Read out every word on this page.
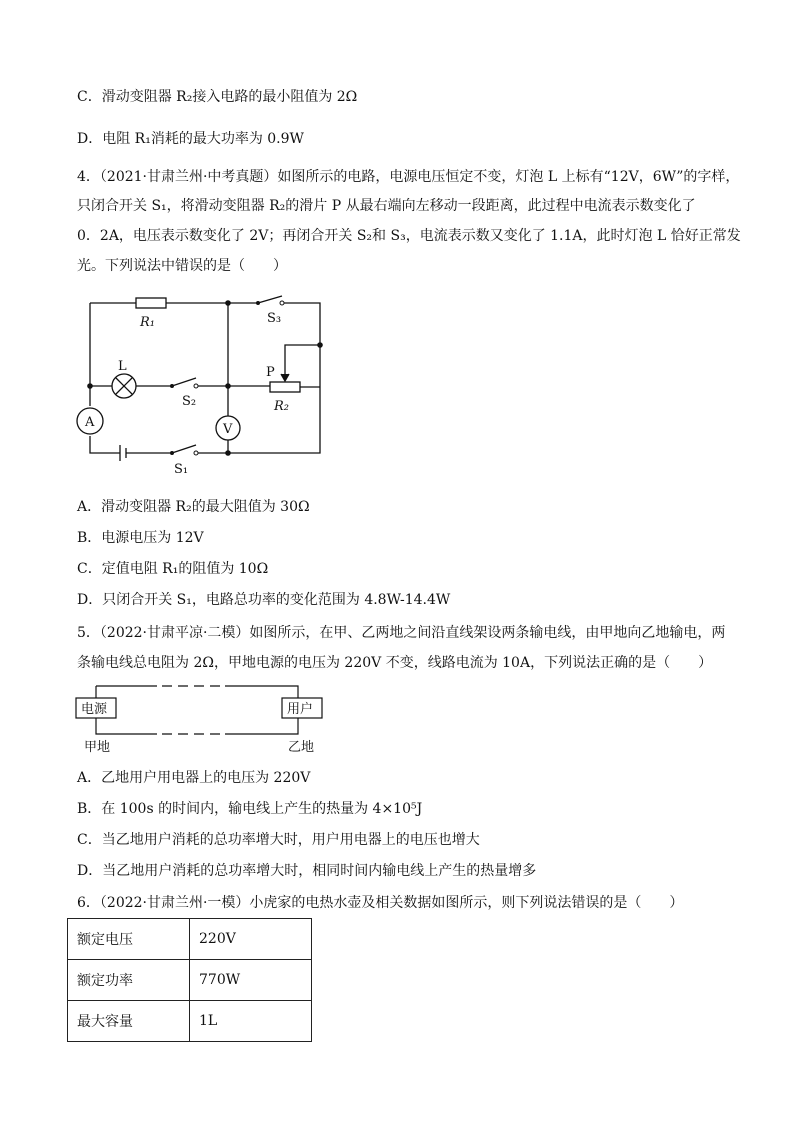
C．滑动变阻器 R₂接入电路的最小阻值为 2Ω
D．电阻 R₁消耗的最大功率为 0.9W
4．（2021·甘肃兰州·中考真题）如图所示的电路，电源电压恒定不变，灯泡 L 上标有“12V，6W”的字样，
只闭合开关 S₁，将滑动变阻器 R₂的滑片 P 从最右端向左移动一段距离，此过程中电流表示数变化了
0．2A，电压表示数变化了 2V；再闭合开关 S₂和 S₃，电流表示数又变化了 1.1A，此时灯泡 L 恰好正常发
光。下列说法中错误的是（　　）
R₁	S₃
L	P
S₂	R₂
A	V
S₁
A．滑动变阻器 R₂的最大阻值为 30Ω
B．电源电压为 12V
C．定值电阻 R₁的阻值为 10Ω
D．只闭合开关 S₁，电路总功率的变化范围为 4.8W-14.4W
5．（2022·甘肃平凉·二模）如图所示，在甲、乙两地之间沿直线架设两条输电线，由甲地向乙地输电，两
条输电线总电阻为 2Ω，甲地电源的电压为 220V 不变，线路电流为 10A，下列说法正确的是（　　）
电源	用户
甲地	乙地
A．乙地用户用电器上的电压为 220V
B．在 100s 的时间内，输电线上产生的热量为 4×10⁵J
C．当乙地用户消耗的总功率增大时，用户用电器上的电压也增大
D．当乙地用户消耗的总功率增大时，相同时间内输电线上产生的热量增多
6．（2022·甘肃兰州·一模）小虎家的电热水壶及相关数据如图所示，则下列说法错误的是（　　）
额定电压	220V
额定功率	770W
最大容量	1L
